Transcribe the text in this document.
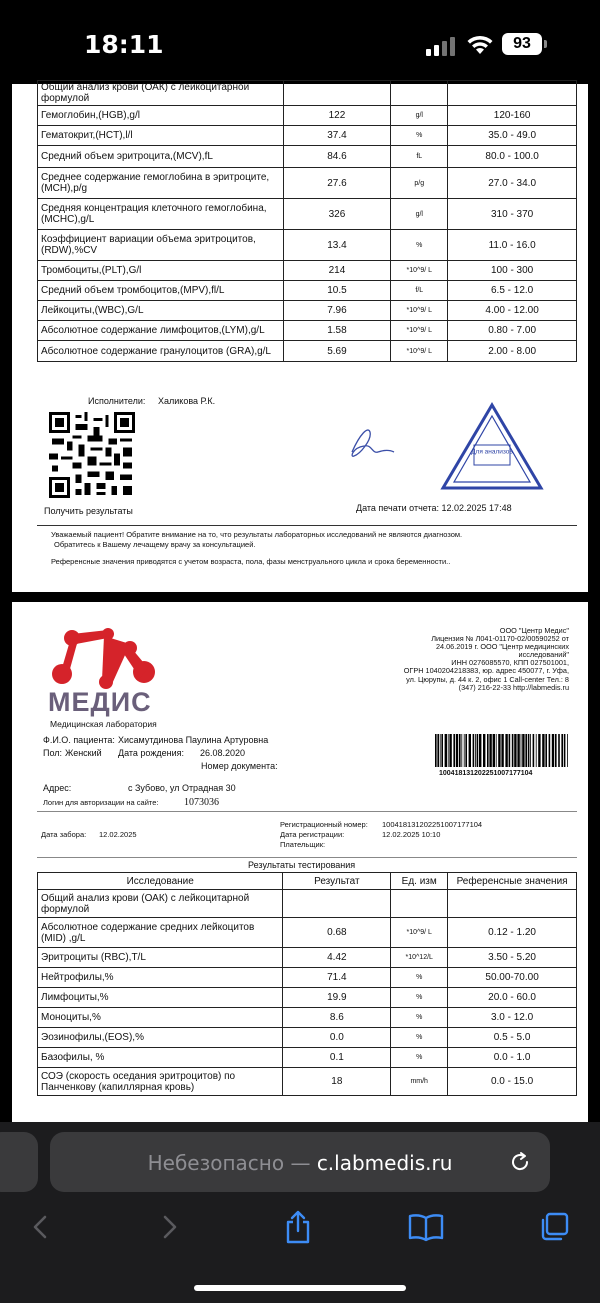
18:11	93
Общий анализ крови (ОАК) с лейкоцитарной формулой			
Гемоглобин,(HGB),g/l	122	g/l	120-160
Гематокрит,(HCT),l/l	37.4	%	35.0 - 49.0
Средний объем эритроцита,(MCV),fL	84.6	fL	80.0 - 100.0
Среднее содержание гемоглобина в эритроците, (MCH),p/g	27.6	p/g	27.0 - 34.0
Средняя концентрация клеточного гемоглобина, (MCHC),g/L	326	g/l	310 - 370
Коэффициент вариации объема эритроцитов, (RDW),%CV	13.4	%	11.0 - 16.0
Тромбоциты,(PLT),G/l	214	*10^9/ L	100 - 300
Средний объем тромбоцитов,(MPV),fl/L	10.5	f/L	6.5 - 12.0
Лейкоциты,(WBC),G/L	7.96	*10^9/ L	4.00 - 12.00
Абсолютное содержание лимфоцитов,(LYM),g/L	1.58	*10^9/ L	0.80 - 7.00
Абсолютное содержание гранулоцитов (GRA),g/L	5.69	*10^9/ L	2.00 - 8.00
Исполнители: Халикова Р.К.
Получить результаты
Для анализов
Дата печати отчета: 12.02.2025 17:48
Уважаемый пациент! Обратите внимание на то, что результаты лабораторных исследований не являются диагнозом.
Обратитесь к Вашему лечащему врачу за консультацией.
Референсные значения приводятся с учетом возраста, пола, фазы менструального цикла и срока беременности..
МЕДИС
Медицинская лаборатория
ООО "Центр Медис"
Лицензия № Л041-01170-02/00590252 от
24.06.2019 г. ООО "Центр медицинских
исследований"
ИНН 0276085570, КПП 027501001,
ОГРН 1040204218383, юр. адрес 450077, г. Уфа,
ул. Цюрупы, д. 44 к. 2, офис 1 Call-center Тел.: 8
(347) 216-22-33 http://labmedis.ru
Ф.И.О. пациента: Хисамутдинова Паулина Артуровна
Пол: Женский Дата рождения: 26.08.2020
Номер документа:
10041813120225100717710​4
Адрес:	с Зубово, ул Отрадная 30
Логин для авторизации на сайте:	1073036
Регистрационный номер: 100418131202251007177104
Дата регистрации:	12.02.2025 10:10
Плательщик:
Дата забора: 12.02.2025
Результаты тестирования
Исследование	Результат	Ед. изм	Референсные значения
Общий анализ крови (ОАК) с лейкоцитарной формулой			
Абсолютное содержание средних лейкоцитов (MID) ,g/L	0.68	*10^9/ L	0.12 - 1.20
Эритроциты (RBC),T/L	4.42	*10^12/L	3.50 - 5.20
Нейтрофилы,%	71.4	%	50.00-70.00
Лимфоциты,%	19.9	%	20.0 - 60.0
Моноциты,%	8.6	%	3.0 - 12.0
Эозинофилы,(EOS),%	0.0	%	0.5 - 5.0
Базофилы, %	0.1	%	0.0 - 1.0
СОЭ (скорость оседания эритроцитов) по Панченкову (капиллярная кровь)	18	mm/h	0.0 - 15.0
Небезопасно — c.labmedis.ru
